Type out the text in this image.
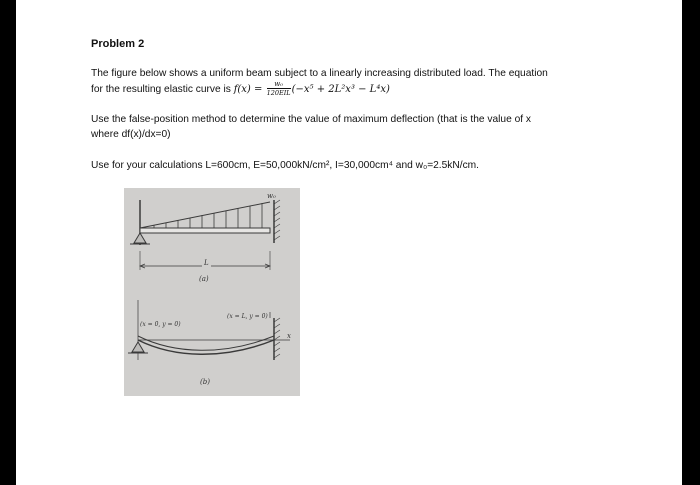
Problem 2
The figure below shows a uniform beam subject to a linearly increasing distributed load. The equation
for the resulting elastic curve is $f(x) = \frac{\text{w₀}}{\text{120EIL}} (-x^5 + 2L^2x^3 - L^4x)$
Use the false-position method to determine the value of maximum deflection (that is the value of x
where df(x)/dx=0)
Use for your calculations L=600cm, E=50,000kN/cm², I=30,000cm⁴ and w₀=2.5kN/cm.
w₀
L
(a)
(x = 0, y = 0)
(x = L, y = 0)
x
(b)
